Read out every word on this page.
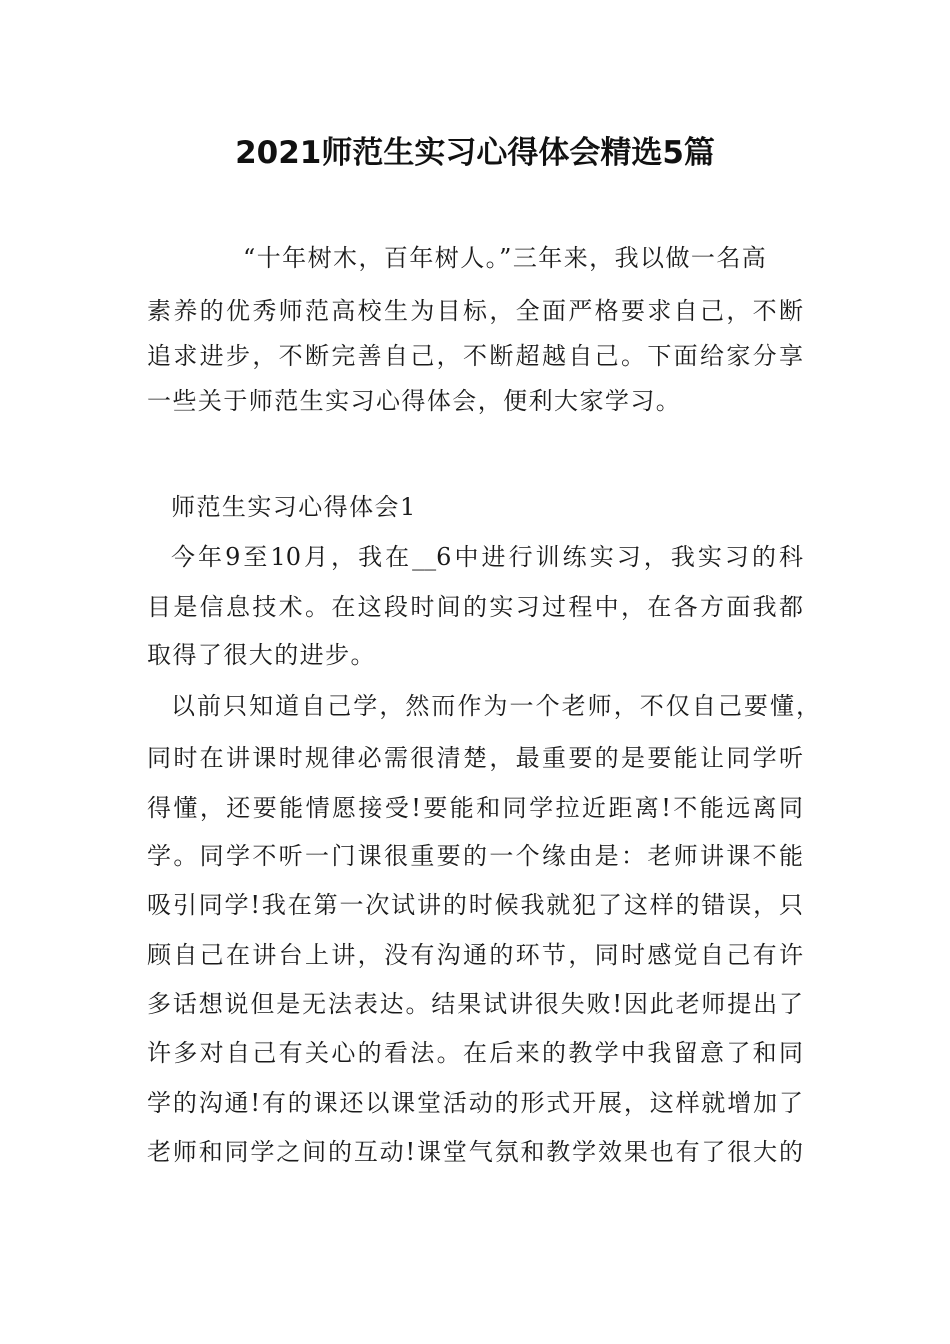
2021师范生实习心得体会精选5篇
“十年树木，百年树人。”三年来，我以做一名高
素养的优秀师范高校生为目标，全面严格要求自己，不断
追求进步，不断完善自己，不断超越自己。下面给家分享
一些关于师范生实习心得体会，便利大家学习。
师范生实习心得体会1
今年9至10月，我在__6中进行训练实习，我实习的科
目是信息技术。在这段时间的实习过程中，在各方面我都
取得了很大的进步。
以前只知道自己学，然而作为一个老师，不仅自己要懂，
同时在讲课时规律必需很清楚，最重要的是要能让同学听
得懂，还要能情愿接受!要能和同学拉近距离!不能远离同
学。同学不听一门课很重要的一个缘由是：老师讲课不能
吸引同学!我在第一次试讲的时候我就犯了这样的错误，只
顾自己在讲台上讲，没有沟通的环节，同时感觉自己有许
多话想说但是无法表达。结果试讲很失败!因此老师提出了
许多对自己有关心的看法。在后来的教学中我留意了和同
学的沟通!有的课还以课堂活动的形式开展，这样就增加了
老师和同学之间的互动!课堂气氛和教学效果也有了很大的
